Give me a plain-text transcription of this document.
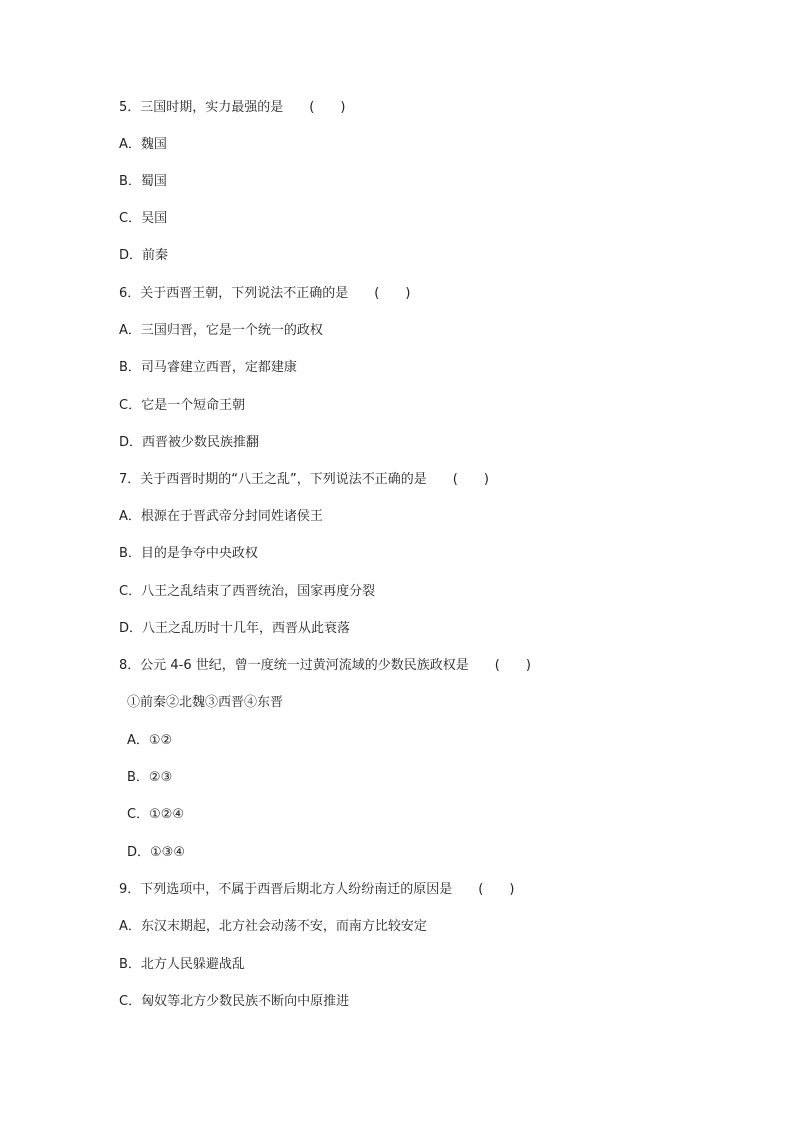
5．三国时期，实力最强的是 (　　)
A．魏国
B．蜀国
C．吴国
D．前秦
6．关于西晋王朝，下列说法不正确的是 (　　)
A．三国归晋，它是一个统一的政权
B．司马睿建立西晋，定都建康
C．它是一个短命王朝
D．西晋被少数民族推翻
7．关于西晋时期的“八王之乱”，下列说法不正确的是 (　　)
A．根源在于晋武帝分封同姓诸侯王
B．目的是争夺中央政权
C．八王之乱结束了西晋统治，国家再度分裂
D．八王之乱历时十几年，西晋从此衰落
8．公元 4-6 世纪，曾一度统一过黄河流域的少数民族政权是 (　　)
①前秦②北魏③西晋④东晋
A．①②
B．②③
C．①②④
D．①③④
9．下列选项中，不属于西晋后期北方人纷纷南迁的原因是 (　　)
A．东汉末期起，北方社会动荡不安，而南方比较安定
B．北方人民躲避战乱
C．匈奴等北方少数民族不断向中原推进
